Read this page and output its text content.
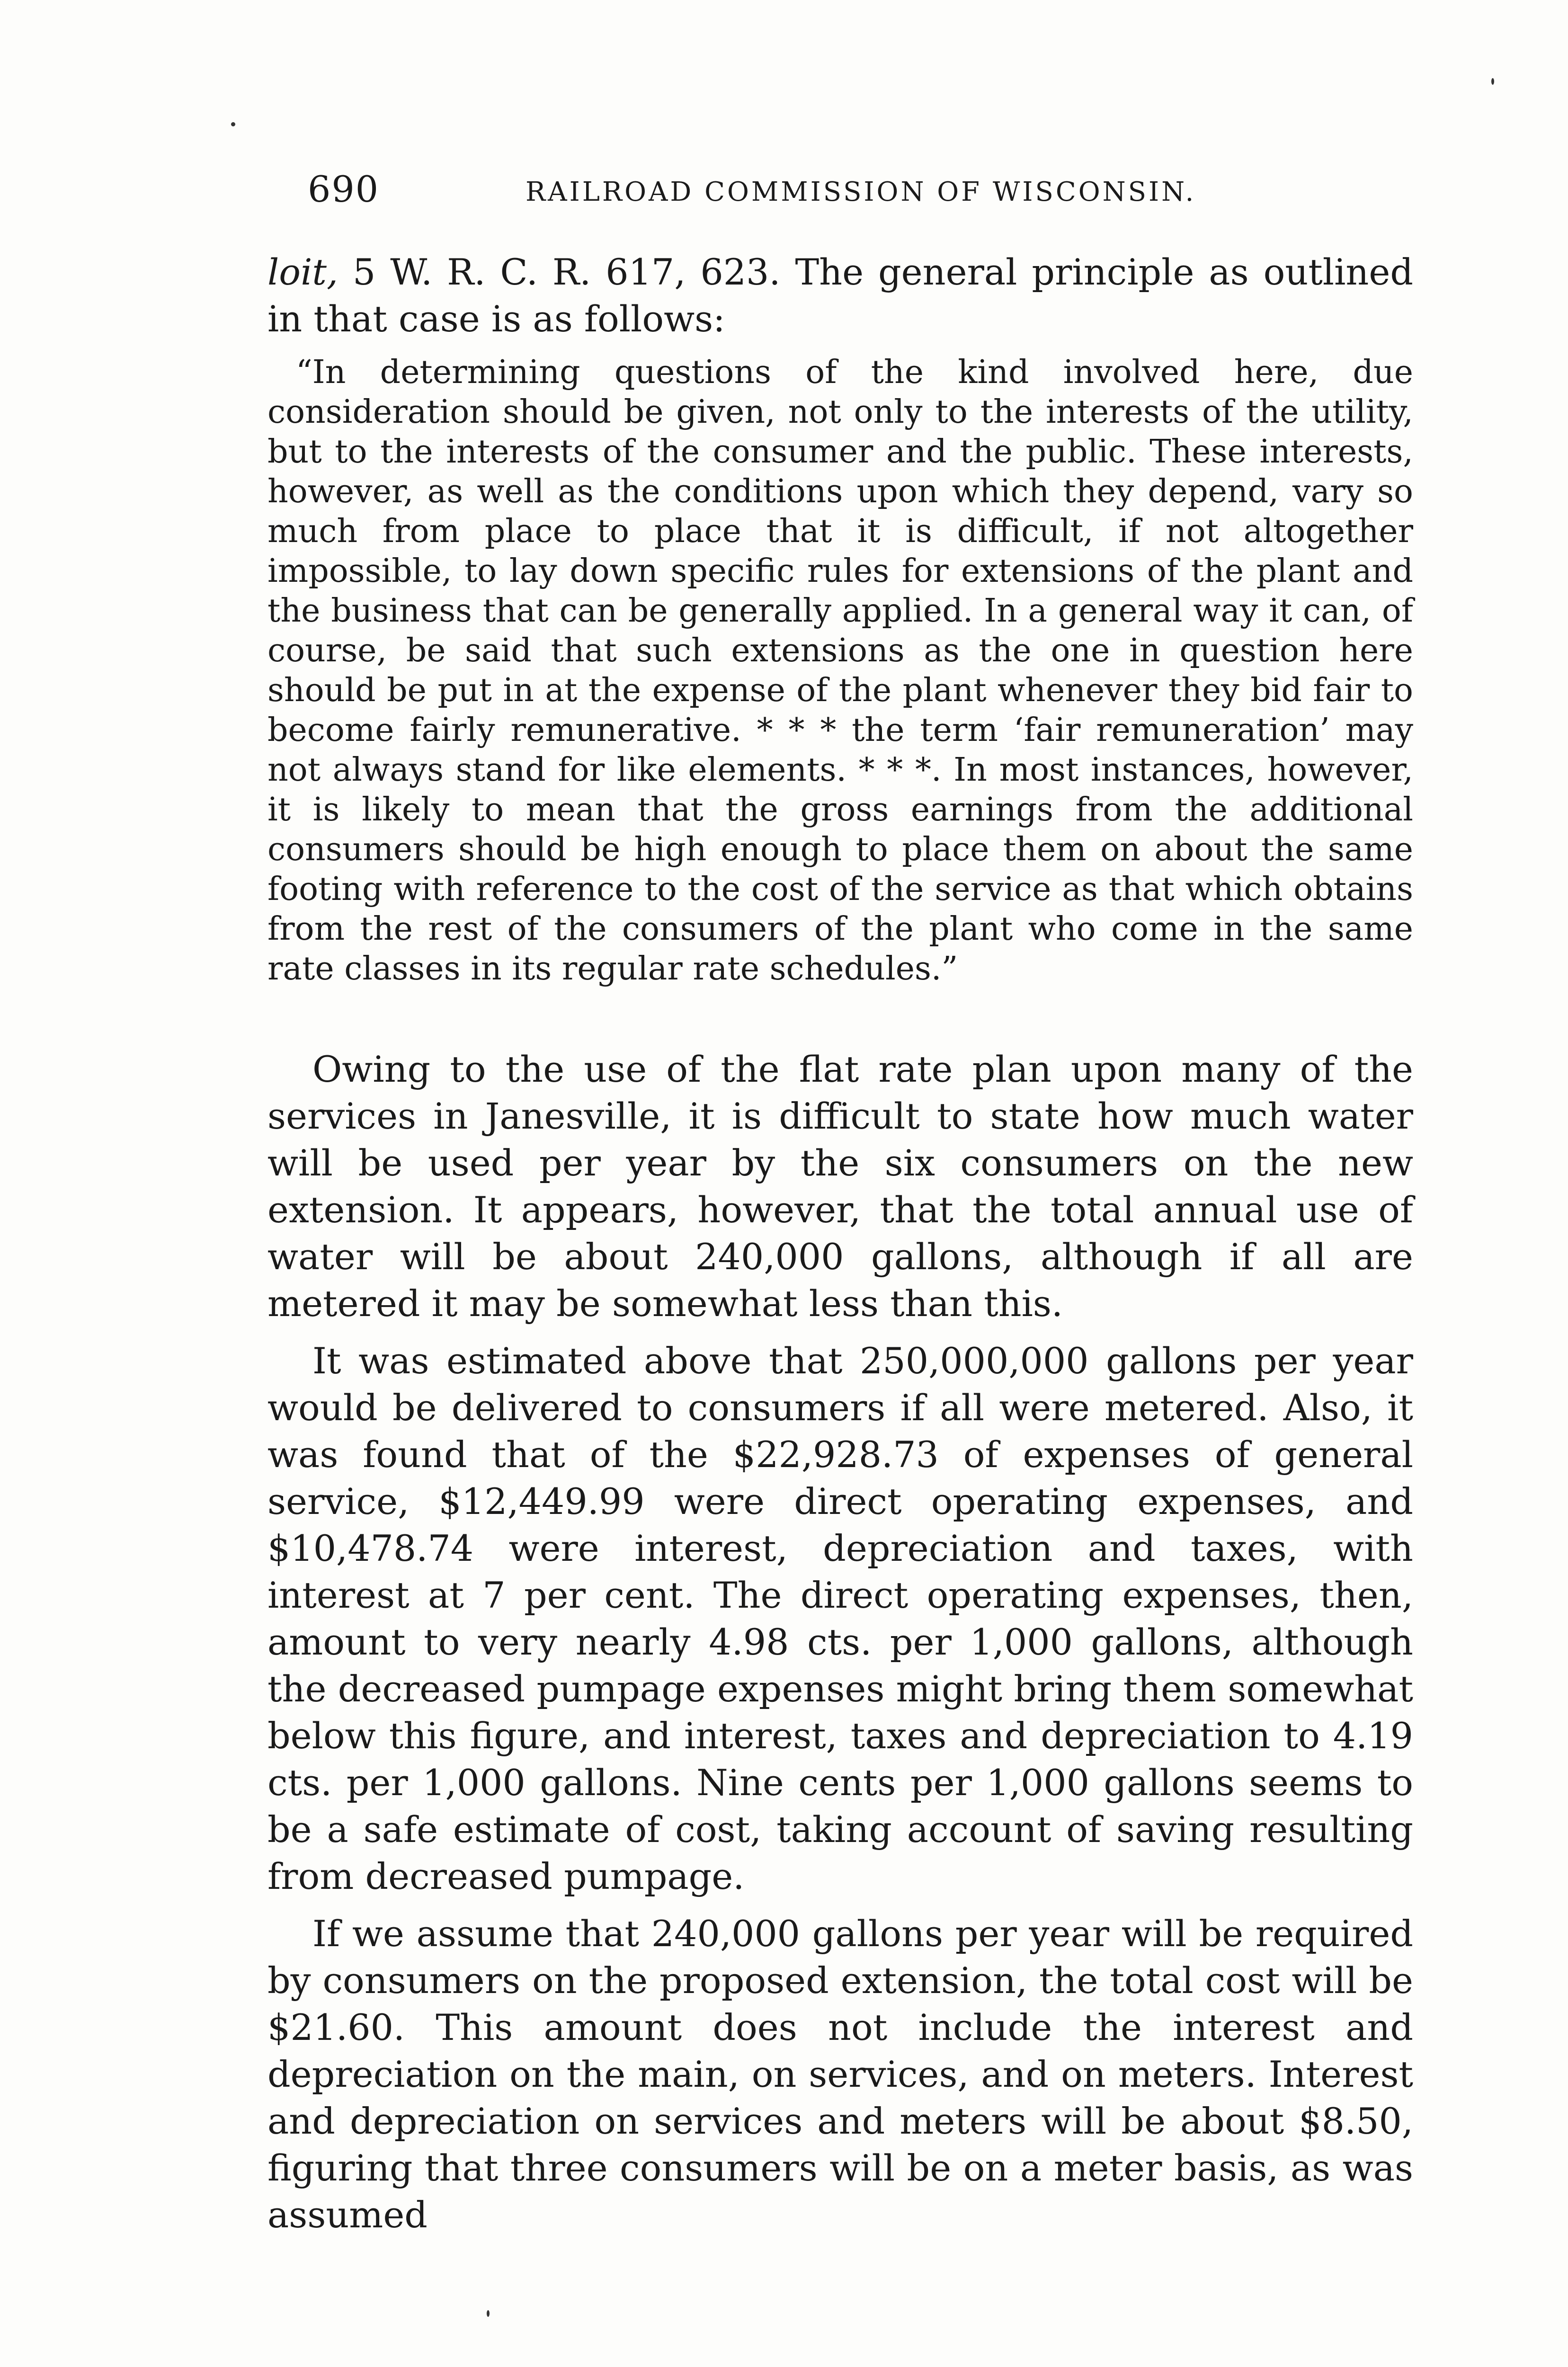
690	RAILROAD COMMISSION OF WISCONSIN.

loit, 5 W. R. C. R. 617, 623. The general principle as outlined in that case is as follows:

“In determining questions of the kind involved here, due consideration should be given, not only to the interests of the utility, but to the interests of the consumer and the public. These interests, however, as well as the conditions upon which they depend, vary so much from place to place that it is difficult, if not altogether impossible, to lay down specific rules for extensions of the plant and the business that can be generally applied. In a general way it can, of course, be said that such extensions as the one in question here should be put in at the expense of the plant whenever they bid fair to become fairly remunerative. * * * the term ‘fair remuneration’ may not always stand for like elements. * * *. In most instances, however, it is likely to mean that the gross earnings from the additional consumers should be high enough to place them on about the same footing with reference to the cost of the service as that which obtains from the rest of the consumers of the plant who come in the same rate classes in its regular rate schedules.”

Owing to the use of the flat rate plan upon many of the services in Janesville, it is difficult to state how much water will be used per year by the six consumers on the new extension. It appears, however, that the total annual use of water will be about 240,000 gallons, although if all are metered it may be somewhat less than this.

It was estimated above that 250,000,000 gallons per year would be delivered to consumers if all were metered. Also, it was found that of the $22,928.73 of expenses of general service, $12,449.99 were direct operating expenses, and $10,478.74 were interest, depreciation and taxes, with interest at 7 per cent. The direct operating expenses, then, amount to very nearly 4.98 cts. per 1,000 gallons, although the decreased pumpage expenses might bring them somewhat below this figure, and interest, taxes and depreciation to 4.19 cts. per 1,000 gallons. Nine cents per 1,000 gallons seems to be a safe estimate of cost, taking account of saving resulting from decreased pumpage.

If we assume that 240,000 gallons per year will be required by consumers on the proposed extension, the total cost will be $21.60. This amount does not include the interest and depreciation on the main, on services, and on meters. Interest and depreciation on services and meters will be about $8.50, figuring that three consumers will be on a meter basis, as was assumed
